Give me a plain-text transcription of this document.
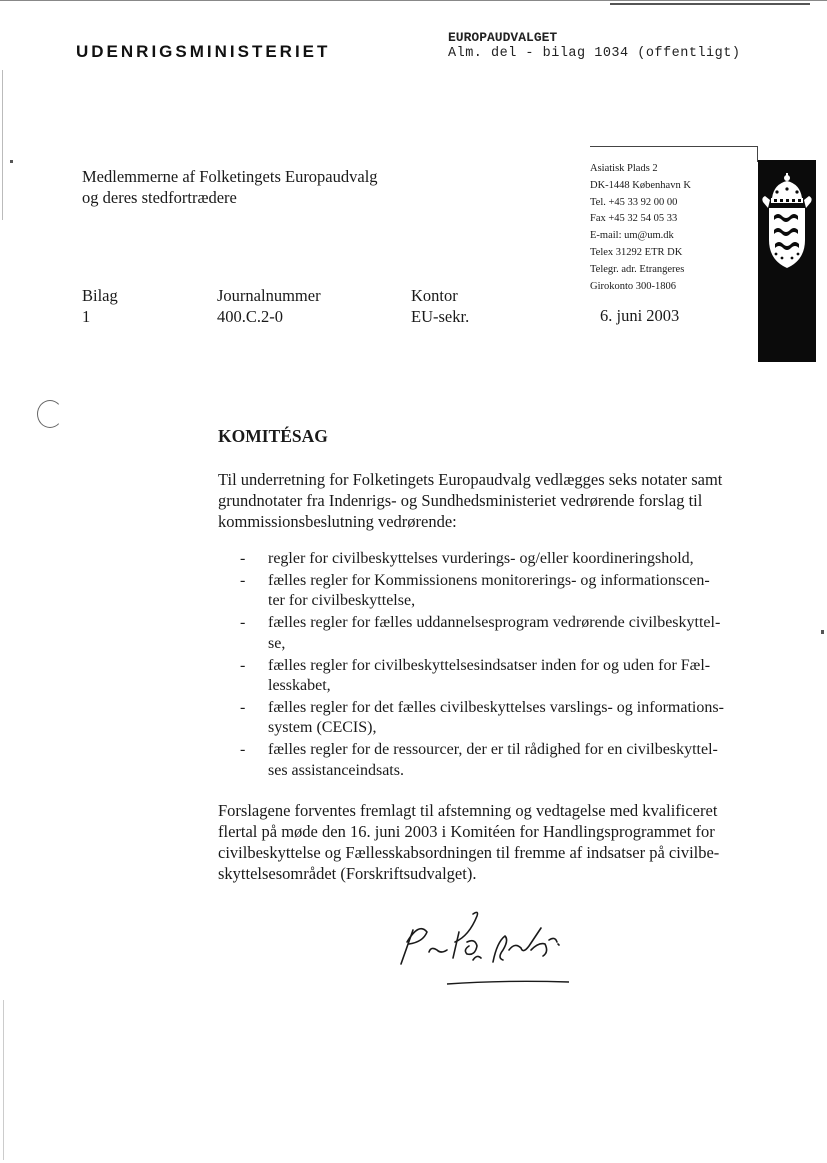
UDENRIGSMINISTERIET
EUROPAUDVALGET
Alm. del - bilag 1034 (offentligt)
Medlemmerne af Folketingets Europaudvalg
og deres stedfortrædere
Asiatisk Plads 2
DK-1448 København K
Tel. +45 33 92 00 00
Fax +45 32 54 05 33
E-mail: um@um.dk
Telex 31292 ETR DK
Telegr. adr. Etrangeres
Girokonto 300-1806
Bilag
1
Journalnummer
400.C.2-0
Kontor
EU-sekr.	6. juni 2003
KOMITÉSAG
Til underretning for Folketingets Europaudvalg vedlægges seks notater samt
grundnotater fra Indenrigs- og Sundhedsministeriet vedrørende forslag til
kommissionsbeslutning vedrørende:
- regler for civilbeskyttelses vurderings- og/eller koordineringshold,
- fælles regler for Kommissionens monitorerings- og informationscen-
ter for civilbeskyttelse,
- fælles regler for fælles uddannelsesprogram vedrørende civilbeskyttel-
se,
- fælles regler for civilbeskyttelsesindsatser inden for og uden for Fæl-
lesskabet,
- fælles regler for det fælles civilbeskyttelses varslings- og informations-
system (CECIS),
- fælles regler for de ressourcer, der er til rådighed for en civilbeskyttel-
ses assistanceindsats.
Forslagene forventes fremlagt til afstemning og vedtagelse med kvalificeret
flertal på møde den 16. juni 2003 i Komitéen for Handlingsprogrammet for
civilbeskyttelse og Fællesskabsordningen til fremme af indsatser på civilbe-
skyttelsesområdet (Forskriftsudvalget).
